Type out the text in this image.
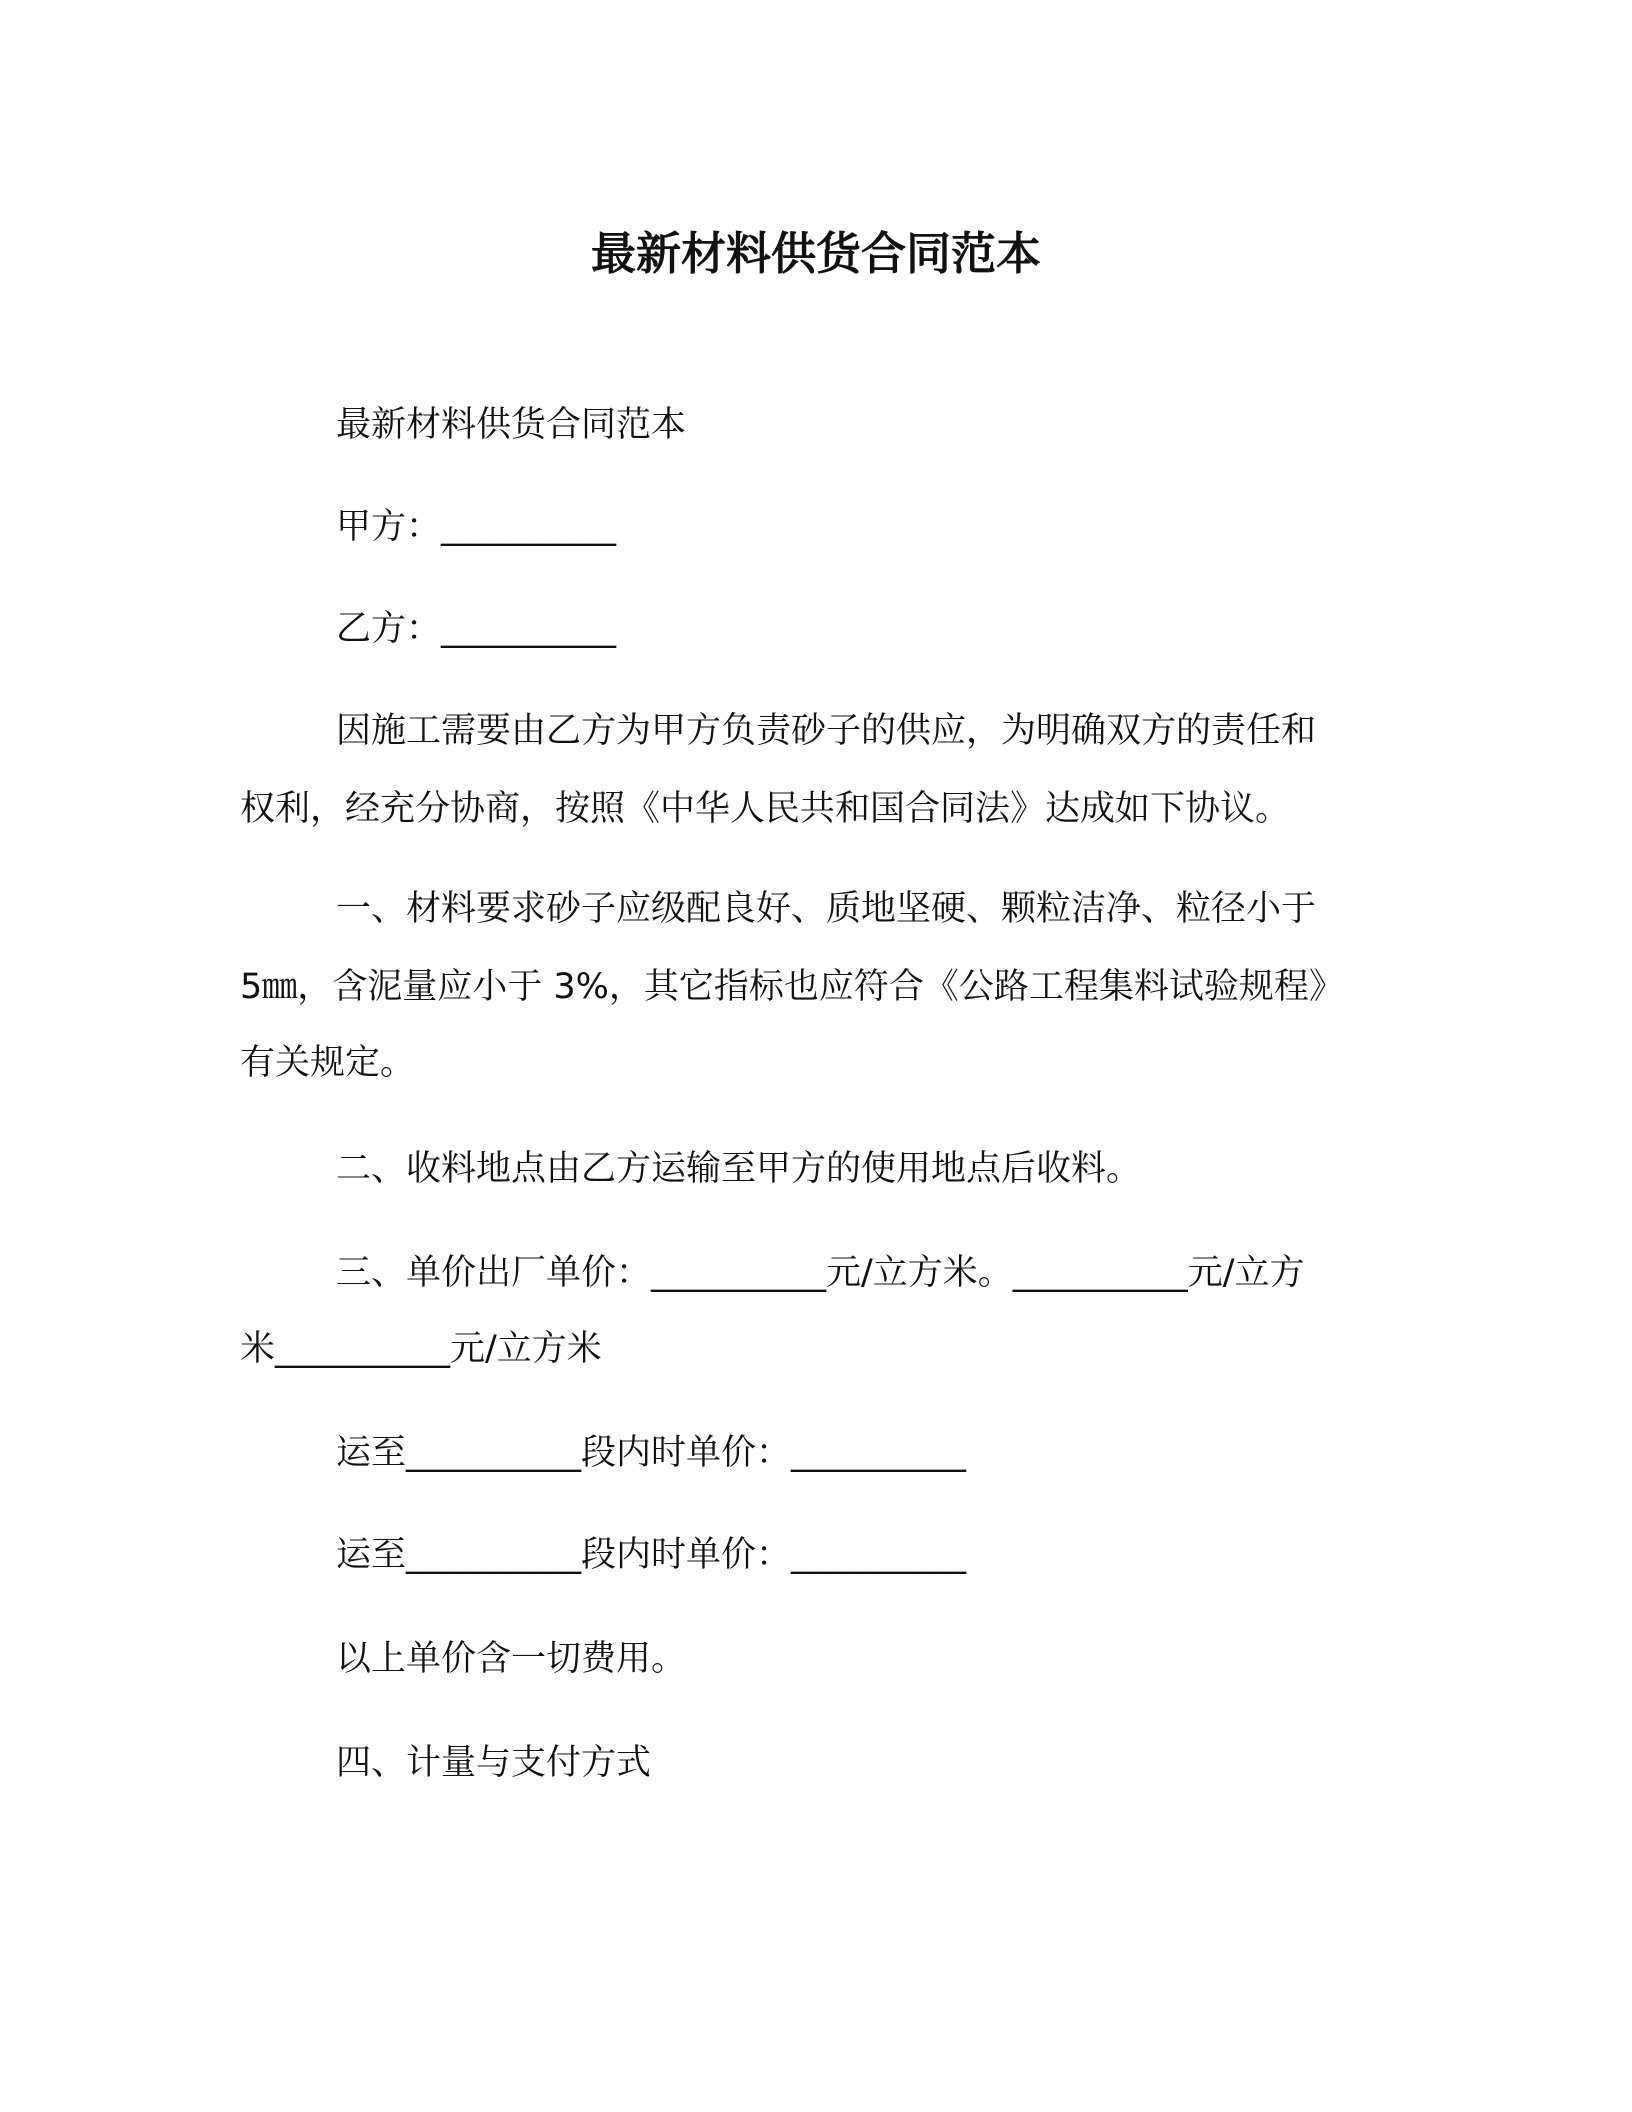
最新材料供货合同范本

最新材料供货合同范本

甲方：__________

乙方：__________

因施工需要由乙方为甲方负责砂子的供应，为明确双方的责任和

权利，经充分协商，按照《中华人民共和国合同法》达成如下协议。

一、材料要求砂子应级配良好、质地坚硬、颗粒洁净、粒径小于

5㎜，含泥量应小于 3%，其它指标也应符合《公路工程集料试验规程》

有关规定。

二、收料地点由乙方运输至甲方的使用地点后收料。

三、单价出厂单价：__________元/立方米。__________元/立方

米__________元/立方米

运至__________段内时单价：__________

运至__________段内时单价：__________

以上单价含一切费用。

四、计量与支付方式
